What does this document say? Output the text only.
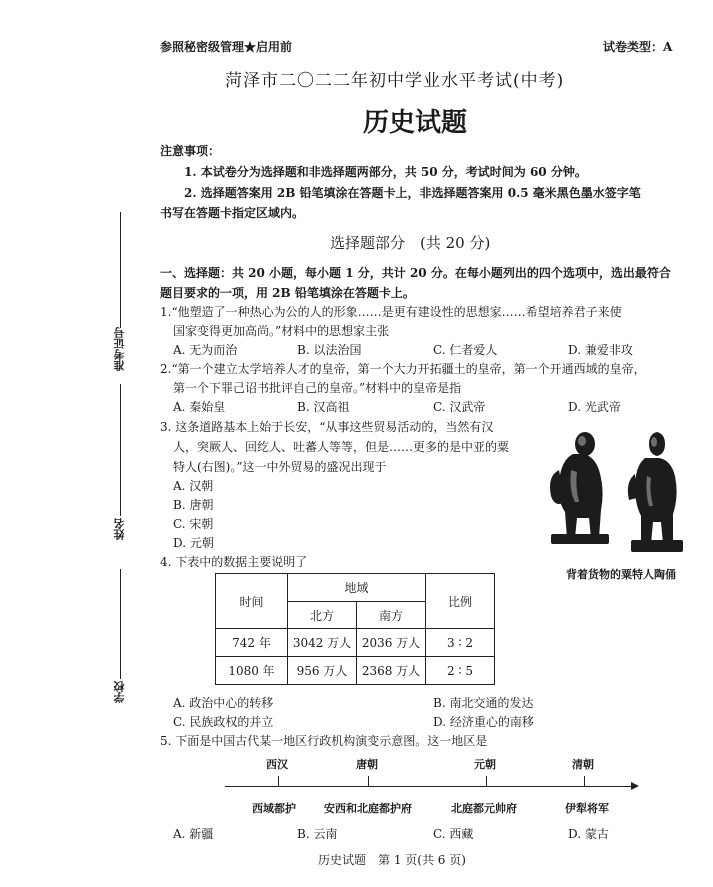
参照秘密级管理★启用前	试卷类型：A
菏泽市二〇二二年初中学业水平考试(中考)
历史试题
注意事项：
1. 本试卷分为选择题和非选择题两部分，共 50 分，考试时间为 60 分钟。
2. 选择题答案用 2B 铅笔填涂在答题卡上，非选择题答案用 0.5 毫米黑色墨水签字笔
书写在答题卡指定区域内。
准考证号
姓名
学校
选择题部分　(共 20 分)
一、选择题：共 20 小题，每小题 1 分，共计 20 分。在每小题列出的四个选项中，选出最符合
题目要求的一项，用 2B 铅笔填涂在答题卡上。
1.“他塑造了一种热心为公的人的形象……是更有建设性的思想家……希望培养君子来使
国家变得更加高尚。”材料中的思想家主张
A. 无为而治	B. 以法治国	C. 仁者爱人	D. 兼爱非攻
2.“第一个建立太学培养人才的皇帝，第一个大力开拓疆土的皇帝，第一个开通西域的皇帝，
第一个下罪己诏书批评自己的皇帝。”材料中的皇帝是指
A. 秦始皇	B. 汉高祖	C. 汉武帝	D. 光武帝
3. 这条道路基本上始于长安，“从事这些贸易活动的，当然有汉
人，突厥人、回纥人、吐蕃人等等，但是……更多的是中亚的粟
特人(右图)。”这一中外贸易的盛况出现于
A. 汉朝
B. 唐朝
C. 宋朝
D. 元朝
背着货物的粟特人陶俑
4. 下表中的数据主要说明了
时间	地域		比例
	北方	南方	
742 年	3042 万人	2036 万人	3 ∶ 2
1080 年	956 万人	2368 万人	2 ∶ 5
A. 政治中心的转移	B. 南北交通的发达
C. 民族政权的并立	D. 经济重心的南移
5. 下面是中国古代某一地区行政机构演变示意图。这一地区是
西汉	唐朝	元朝	清朝
西域都护	安西和北庭都护府	北庭都元帅府	伊犁将军
A. 新疆	B. 云南	C. 西藏	D. 蒙古
历史试题　第 1 页(共 6 页)
